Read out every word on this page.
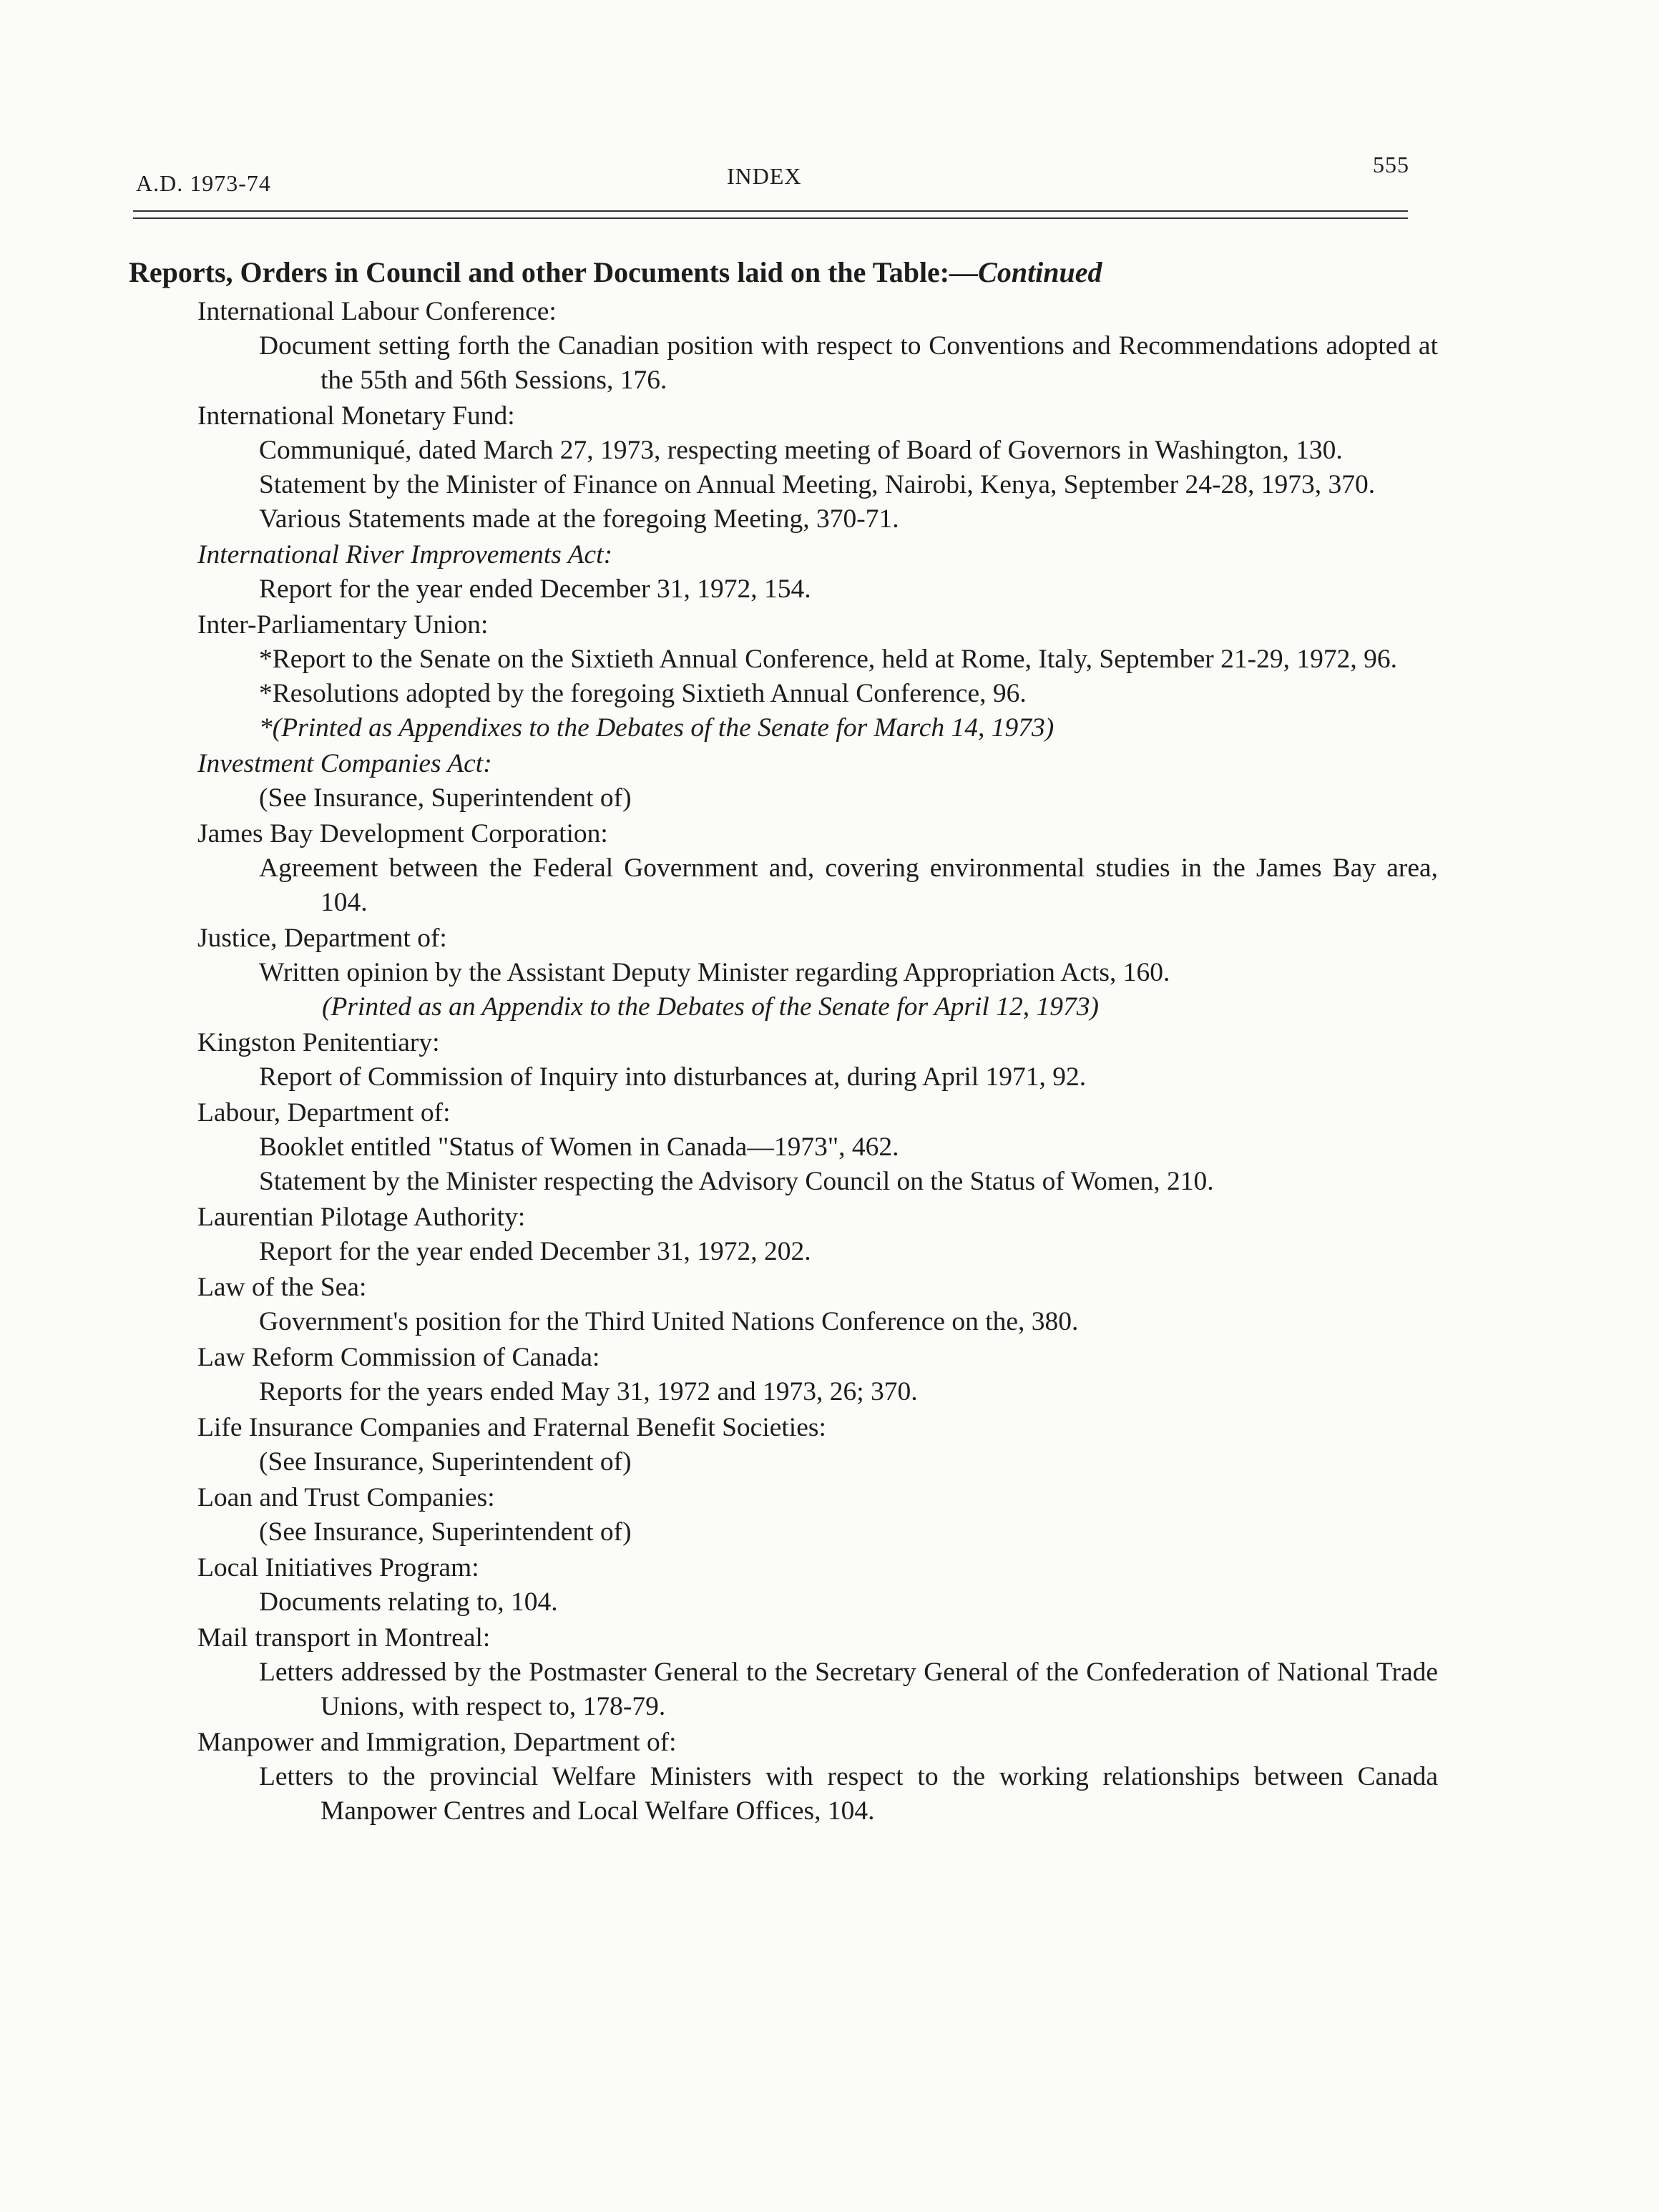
A.D. 1973-74	INDEX	555
Reports, Orders in Council and other Documents laid on the Table:—Continued
International Labour Conference:
Document setting forth the Canadian position with respect to Conventions and Recommendations adopted at the 55th and 56th Sessions, 176.
International Monetary Fund:
Communiqué, dated March 27, 1973, respecting meeting of Board of Governors in Washington, 130.
Statement by the Minister of Finance on Annual Meeting, Nairobi, Kenya, September 24-28, 1973, 370.
Various Statements made at the foregoing Meeting, 370-71.
International River Improvements Act:
Report for the year ended December 31, 1972, 154.
Inter-Parliamentary Union:
*Report to the Senate on the Sixtieth Annual Conference, held at Rome, Italy, September 21-29, 1972, 96.
*Resolutions adopted by the foregoing Sixtieth Annual Conference, 96.
*(Printed as Appendixes to the Debates of the Senate for March 14, 1973)
Investment Companies Act:
(See Insurance, Superintendent of)
James Bay Development Corporation:
Agreement between the Federal Government and, covering environmental studies in the James Bay area, 104.
Justice, Department of:
Written opinion by the Assistant Deputy Minister regarding Appropriation Acts, 160.
(Printed as an Appendix to the Debates of the Senate for April 12, 1973)
Kingston Penitentiary:
Report of Commission of Inquiry into disturbances at, during April 1971, 92.
Labour, Department of:
Booklet entitled "Status of Women in Canada—1973", 462.
Statement by the Minister respecting the Advisory Council on the Status of Women, 210.
Laurentian Pilotage Authority:
Report for the year ended December 31, 1972, 202.
Law of the Sea:
Government's position for the Third United Nations Conference on the, 380.
Law Reform Commission of Canada:
Reports for the years ended May 31, 1972 and 1973, 26; 370.
Life Insurance Companies and Fraternal Benefit Societies:
(See Insurance, Superintendent of)
Loan and Trust Companies:
(See Insurance, Superintendent of)
Local Initiatives Program:
Documents relating to, 104.
Mail transport in Montreal:
Letters addressed by the Postmaster General to the Secretary General of the Confederation of National Trade Unions, with respect to, 178-79.
Manpower and Immigration, Department of:
Letters to the provincial Welfare Ministers with respect to the working relationships between Canada Manpower Centres and Local Welfare Offices, 104.
